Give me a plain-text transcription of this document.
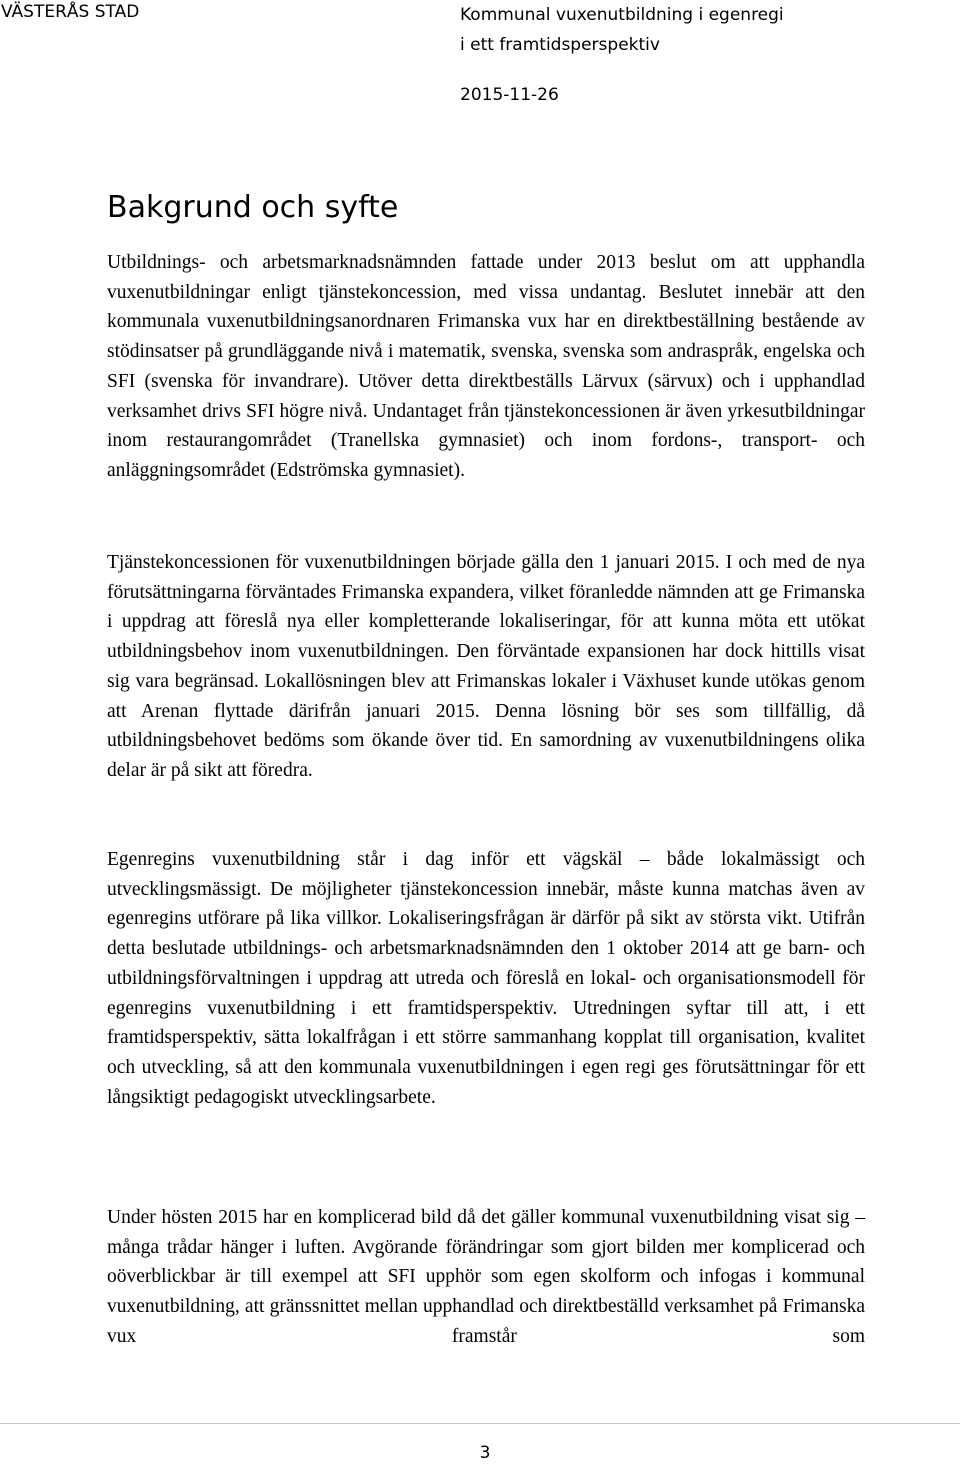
VÄSTERÅS STAD	Kommunal vuxenutbildning i egenregi
i ett framtidsperspektiv
2015-11-26
Bakgrund och syfte

Utbildnings- och arbetsmarknadsnämnden fattade under 2013 beslut om att upphandla vuxenutbildningar enligt tjänstekoncession, med vissa undantag. Beslutet innebär att den kommunala vuxenutbildningsanordnaren Frimanska vux har en direktbeställning bestående av stödinsatser på grundläggande nivå i matematik, svenska, svenska som andraspråk, engelska och SFI (svenska för invandrare). Utöver detta direktbeställs Lärvux (särvux) och i upphandlad verksamhet drivs SFI högre nivå. Undantaget från tjänstekoncessionen är även yrkesutbildningar inom restaurangområdet (Tranellska gymnasiet) och inom fordons-, transport- och anläggningsområdet (Edströmska gymnasiet).

Tjänstekoncessionen för vuxenutbildningen började gälla den 1 januari 2015. I och med de nya förutsättningarna förväntades Frimanska expandera, vilket föranledde nämnden att ge Frimanska i uppdrag att föreslå nya eller kompletterande lokaliseringar, för att kunna möta ett utökat utbildningsbehov inom vuxenutbildningen. Den förväntade expansionen har dock hittills visat sig vara begränsad. Lokallösningen blev att Frimanskas lokaler i Växhuset kunde utökas genom att Arenan flyttade därifrån januari 2015. Denna lösning bör ses som tillfällig, då utbildningsbehovet bedöms som ökande över tid. En samordning av vuxenutbildningens olika delar är på sikt att föredra.

Egenregins vuxenutbildning står i dag inför ett vägskäl – både lokalmässigt och utvecklingsmässigt. De möjligheter tjänstekoncession innebär, måste kunna matchas även av egenregins utförare på lika villkor. Lokaliseringsfrågan är därför på sikt av största vikt. Utifrån detta beslutade utbildnings- och arbetsmarknadsnämnden den 1 oktober 2014 att ge barn- och utbildningsförvaltningen i uppdrag att utreda och föreslå en lokal- och organisationsmodell för egenregins vuxenutbildning i ett framtidsperspektiv. Utredningen syftar till att, i ett framtidsperspektiv, sätta lokalfrågan i ett större sammanhang kopplat till organisation, kvalitet och utveckling, så att den kommunala vuxenutbildningen i egen regi ges förutsättningar för ett långsiktigt pedagogiskt utvecklingsarbete.

Under hösten 2015 har en komplicerad bild då det gäller kommunal vuxenutbildning visat sig – många trådar hänger i luften. Avgörande förändringar som gjort bilden mer komplicerad och oöverblickbar är till exempel att SFI upphör som egen skolform och infogas i kommunal vuxenutbildning, att gränssnittet mellan upphandlad och direktbeställd verksamhet på Frimanska vux framstår som

3
